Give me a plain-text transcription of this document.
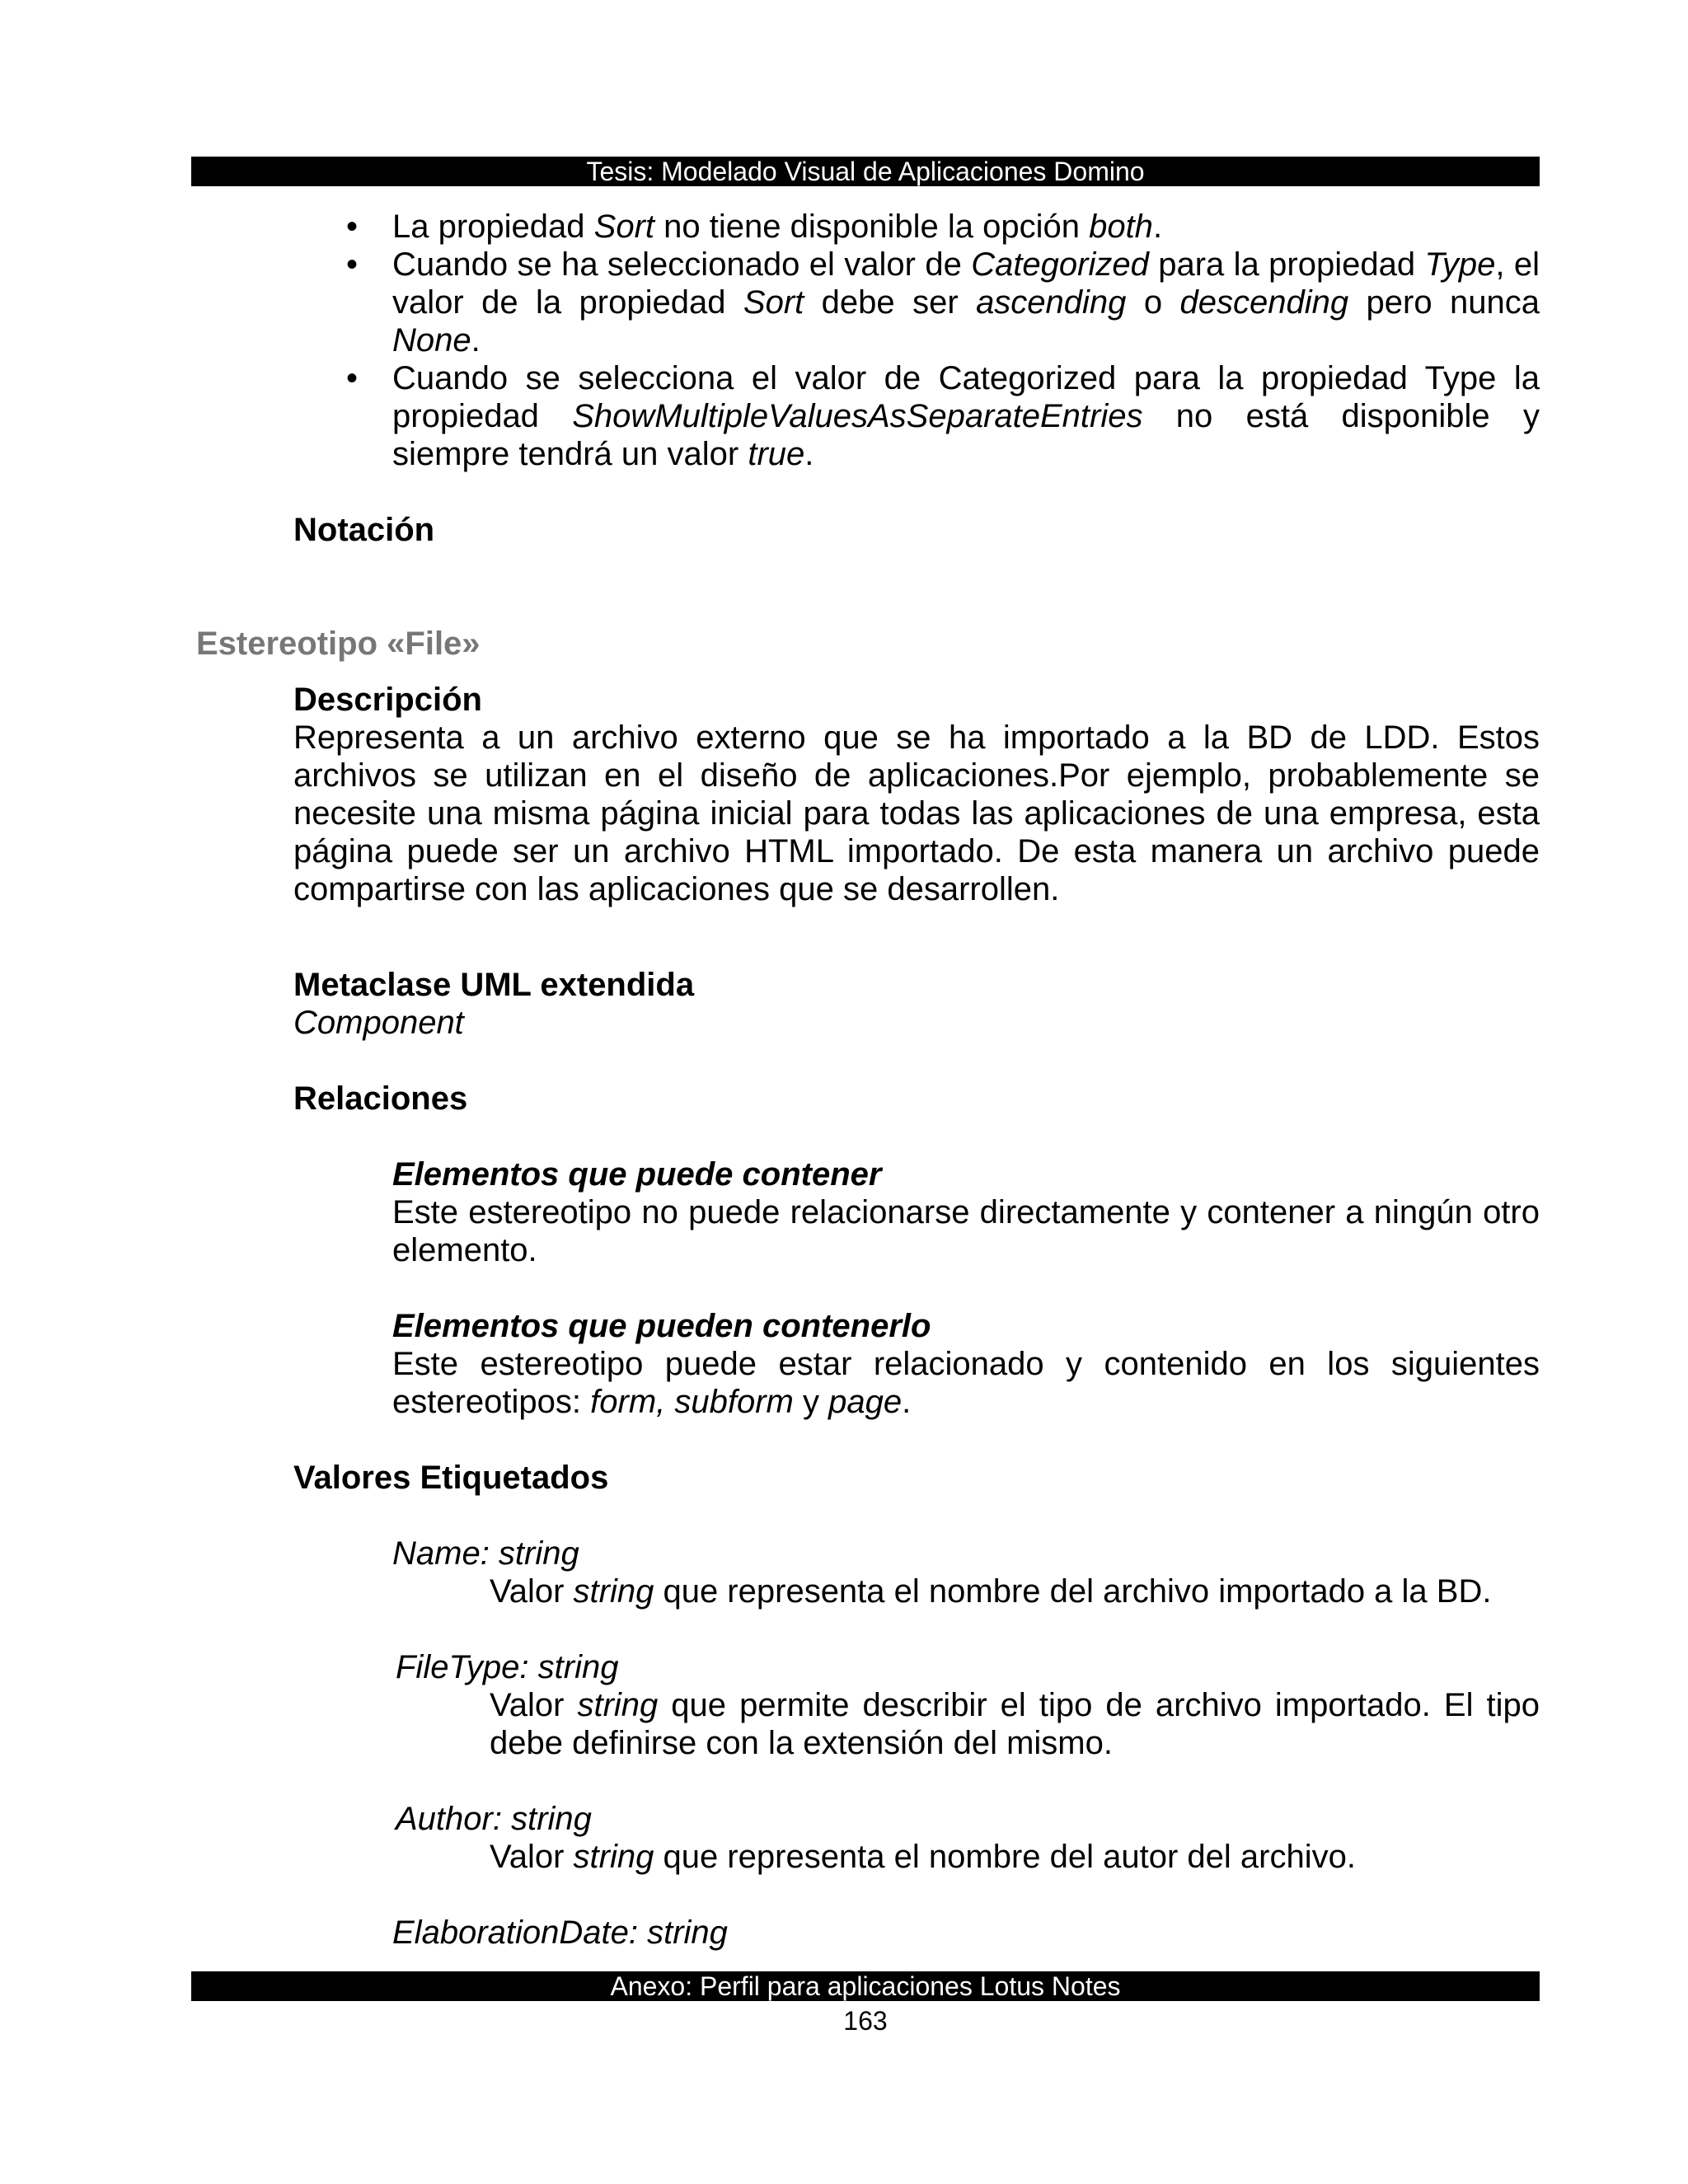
Tesis: Modelado Visual de Aplicaciones Domino
• La propiedad Sort no tiene disponible la opción both.
• Cuando se ha seleccionado el valor de Categorized para la propiedad Type, el valor de la propiedad Sort debe ser ascending o descending pero nunca None.
• Cuando se selecciona el valor de Categorized para la propiedad Type la propiedad ShowMultipleValuesAsSeparateEntries no está disponible y siempre tendrá un valor true.

Notación

Estereotipo «File»

Descripción

Representa a un archivo externo que se ha importado a la BD de LDD. Estos archivos se utilizan en el diseño de aplicaciones.Por ejemplo, probablemente se necesite una misma página inicial para todas las aplicaciones de una empresa, esta página puede ser un archivo HTML importado. De esta manera un archivo puede compartirse con las aplicaciones que se desarrollen.

Metaclase UML extendida

Component

Relaciones

Elementos que puede contener

Este estereotipo no puede relacionarse directamente y contener a ningún otro elemento.

Elementos que pueden contenerlo

Este estereotipo puede estar relacionado y contenido en los siguientes estereotipos: form, subform y page.

Valores Etiquetados

Name: string

Valor string que representa el nombre del archivo importado a la BD.

FileType: string

Valor string que permite describir el tipo de archivo importado. El tipo debe definirse con la extensión del mismo.

Author: string

Valor string que representa el nombre del autor del archivo.

ElaborationDate: string

Anexo: Perfil para aplicaciones Lotus Notes
163
